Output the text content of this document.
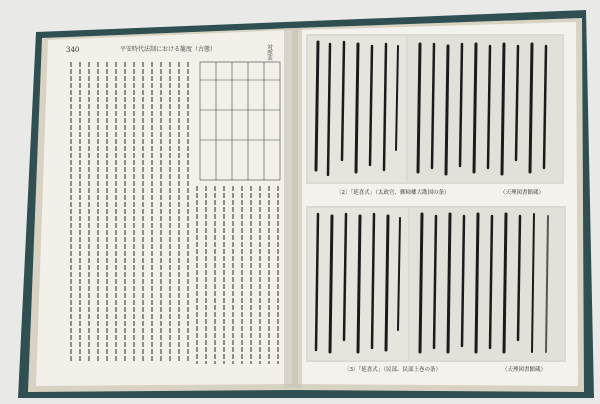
340	平安時代法制における籠度（古態）	対照表
〔2〕「延喜式」（太政官、郵帰郷大勘国の条）	（天理図書館蔵）
〔3〕「延喜式」（民部、民部上巻の条）	（天理図書館蔵）
